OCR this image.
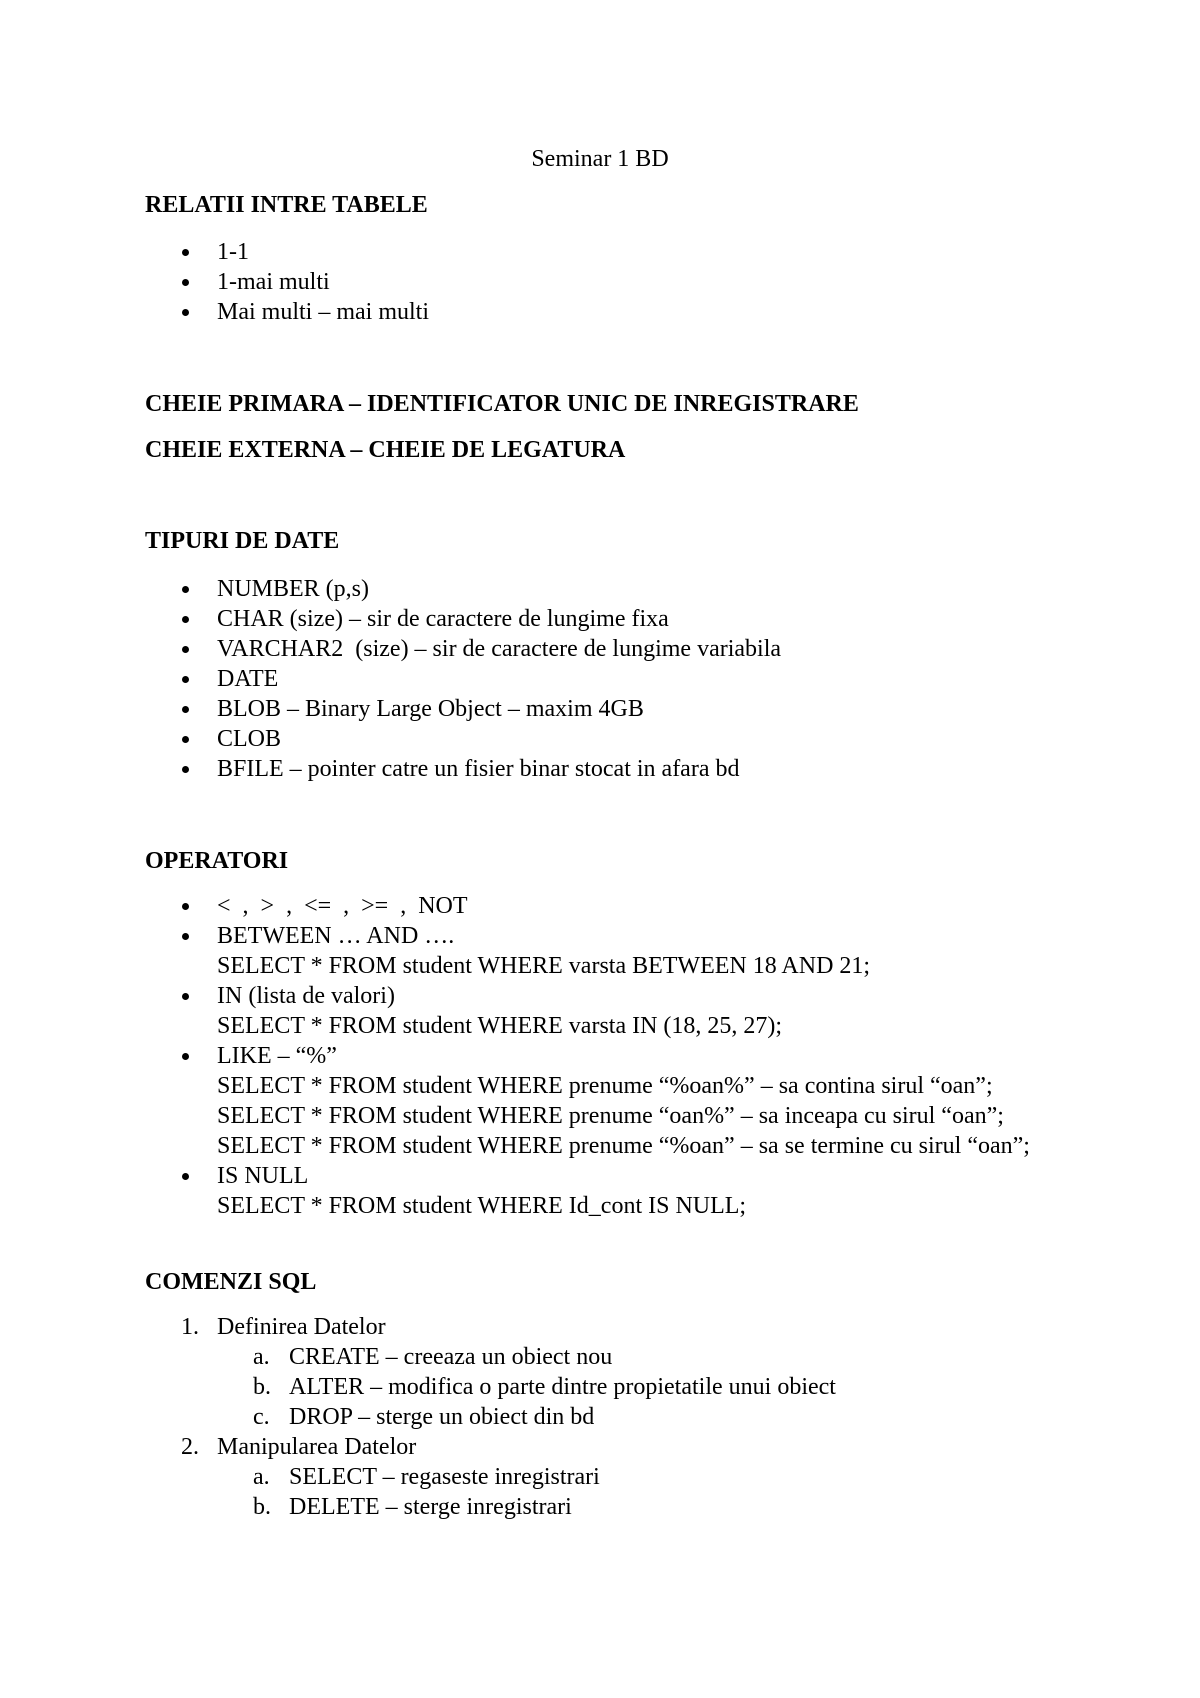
Seminar 1 BD
RELATII INTRE TABELE
1-1
1-mai multi
Mai multi – mai multi
CHEIE PRIMARA – IDENTIFICATOR UNIC DE INREGISTRARE
CHEIE EXTERNA – CHEIE DE LEGATURA
TIPURI DE DATE
NUMBER (p,s)
CHAR (size) – sir de caractere de lungime fixa
VARCHAR2  (size) – sir de caractere de lungime variabila
DATE
BLOB – Binary Large Object – maxim 4GB
CLOB
BFILE – pointer catre un fisier binar stocat in afara bd
OPERATORI
< , > , <= , >= , NOT
BETWEEN … AND ….
SELECT * FROM student WHERE varsta BETWEEN 18 AND 21;
IN (lista de valori)
SELECT * FROM student WHERE varsta IN (18, 25, 27);
LIKE – “%”
SELECT * FROM student WHERE prenume “%oan%” – sa contina sirul “oan”;
SELECT * FROM student WHERE prenume “oan%” – sa inceapa cu sirul “oan”;
SELECT * FROM student WHERE prenume “%oan” – sa se termine cu sirul “oan”;
IS NULL
SELECT * FROM student WHERE Id_cont IS NULL;
COMENZI SQL
1. Definirea Datelor
a. CREATE – creeaza un obiect nou
b. ALTER – modifica o parte dintre propietatile unui obiect
c. DROP – sterge un obiect din bd
2. Manipularea Datelor
a. SELECT – regaseste inregistrari
b. DELETE – sterge inregistrari
